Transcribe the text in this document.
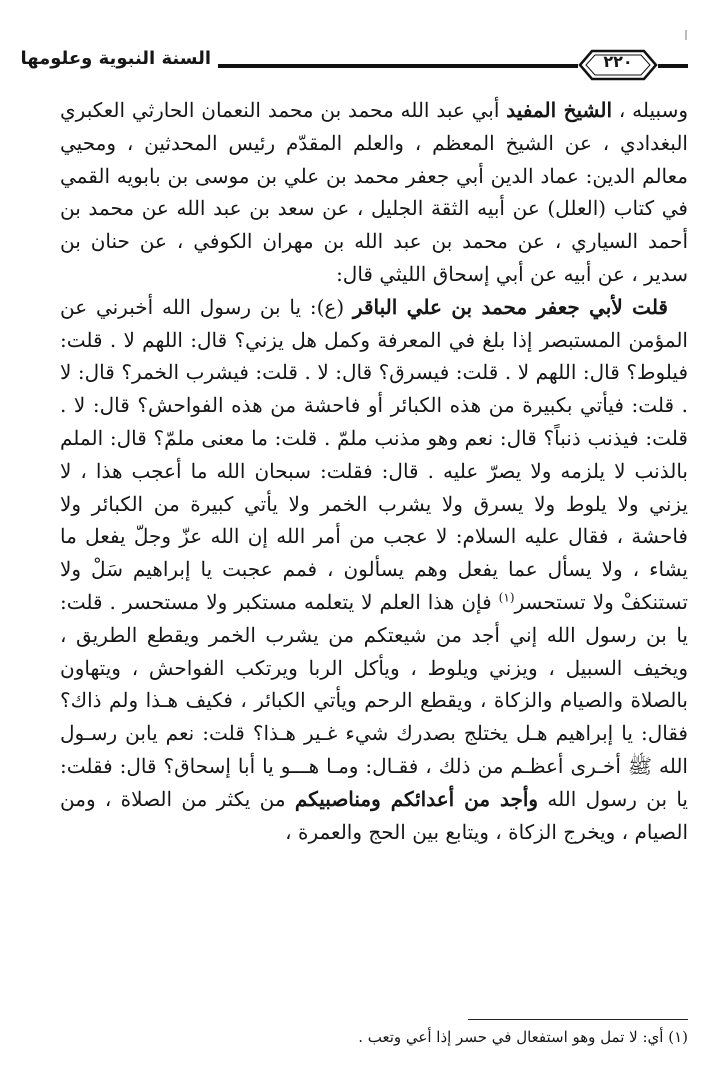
السنة النبوية وعلومها	٢٢٠

وسبيله ، الشيخ المفيد أبي عبد الله محمد بن محمد النعمان الحارثي العكبري البغدادي ، عن الشيخ المعظم ، والعلم المقدّم رئيس المحدثين ، ومحيي معالم الدين: عماد الدين أبي جعفر محمد بن علي بن موسى بن بابويه القمي في كتاب (العلل) عن أبيه الثقة الجليل ، عن سعد بن عبد الله عن محمد بن أحمد السياري ، عن محمد بن عبد الله بن مهران الكوفي ، عن حنان بن سدير ، عن أبيه عن أبي إسحاق الليثي قال:

قلت لأبي جعفر محمد بن علي الباقر (ع): يا بن رسول الله أخبرني عن المؤمن المستبصر إذا بلغ في المعرفة وكمل هل يزني؟ قال: اللهم لا . قلت: فيلوط؟ قال: اللهم لا . قلت: فيسرق؟ قال: لا . قلت: فيشرب الخمر؟ قال: لا . قلت: فيأتي بكبيرة من هذه الكبائر أو فاحشة من هذه الفواحش؟ قال: لا . قلت: فيذنب ذنباً؟ قال: نعم وهو مذنب ملمّ . قلت: ما معنى ملمّ؟ قال: الملم بالذنب لا يلزمه ولا يصرّ عليه . قال: فقلت: سبحان الله ما أعجب هذا ، لا يزني ولا يلوط ولا يسرق ولا يشرب الخمر ولا يأتي كبيرة من الكبائر ولا فاحشة ، فقال عليه السلام: لا عجب من أمر الله إن الله عزّ وجلّ يفعل ما يشاء ، ولا يسأل عما يفعل وهم يسألون ، فمم عجبت يا إبراهيم سَلْ ولا تستنكفْ ولا تستحسر$^{(١)}$ فإن هذا العلم لا يتعلمه مستكبر ولا مستحسر . قلت: يا بن رسول الله إني أجد من شيعتكم من يشرب الخمر ويقطع الطريق ، ويخيف السبيل ، ويزني ويلوط ، ويأكل الربا ويرتكب الفواحش ، ويتهاون بالصلاة والصيام والزكاة ، ويقطع الرحم ويأتي الكبائر ، فكيف هـذا ولم ذاك؟ فقال: يا إبراهيم هـل يختلج بصدرك شيء غـير هـذا؟ قلت: نعم يابن رسـول الله ﷺ أخـرى أعظـم من ذلك ، فقـال: ومـا هـــو يا أبا إسحاق؟ قال: فقلت: يا بن رسول الله وأجد من أعدائكم ومناصبيكم من يكثر من الصلاة ، ومن الصيام ، ويخرج الزكاة ، ويتابع بين الحج والعمرة ،

(١) أي: لا تمل وهو استفعال في حسر إذا أعي وتعب .
